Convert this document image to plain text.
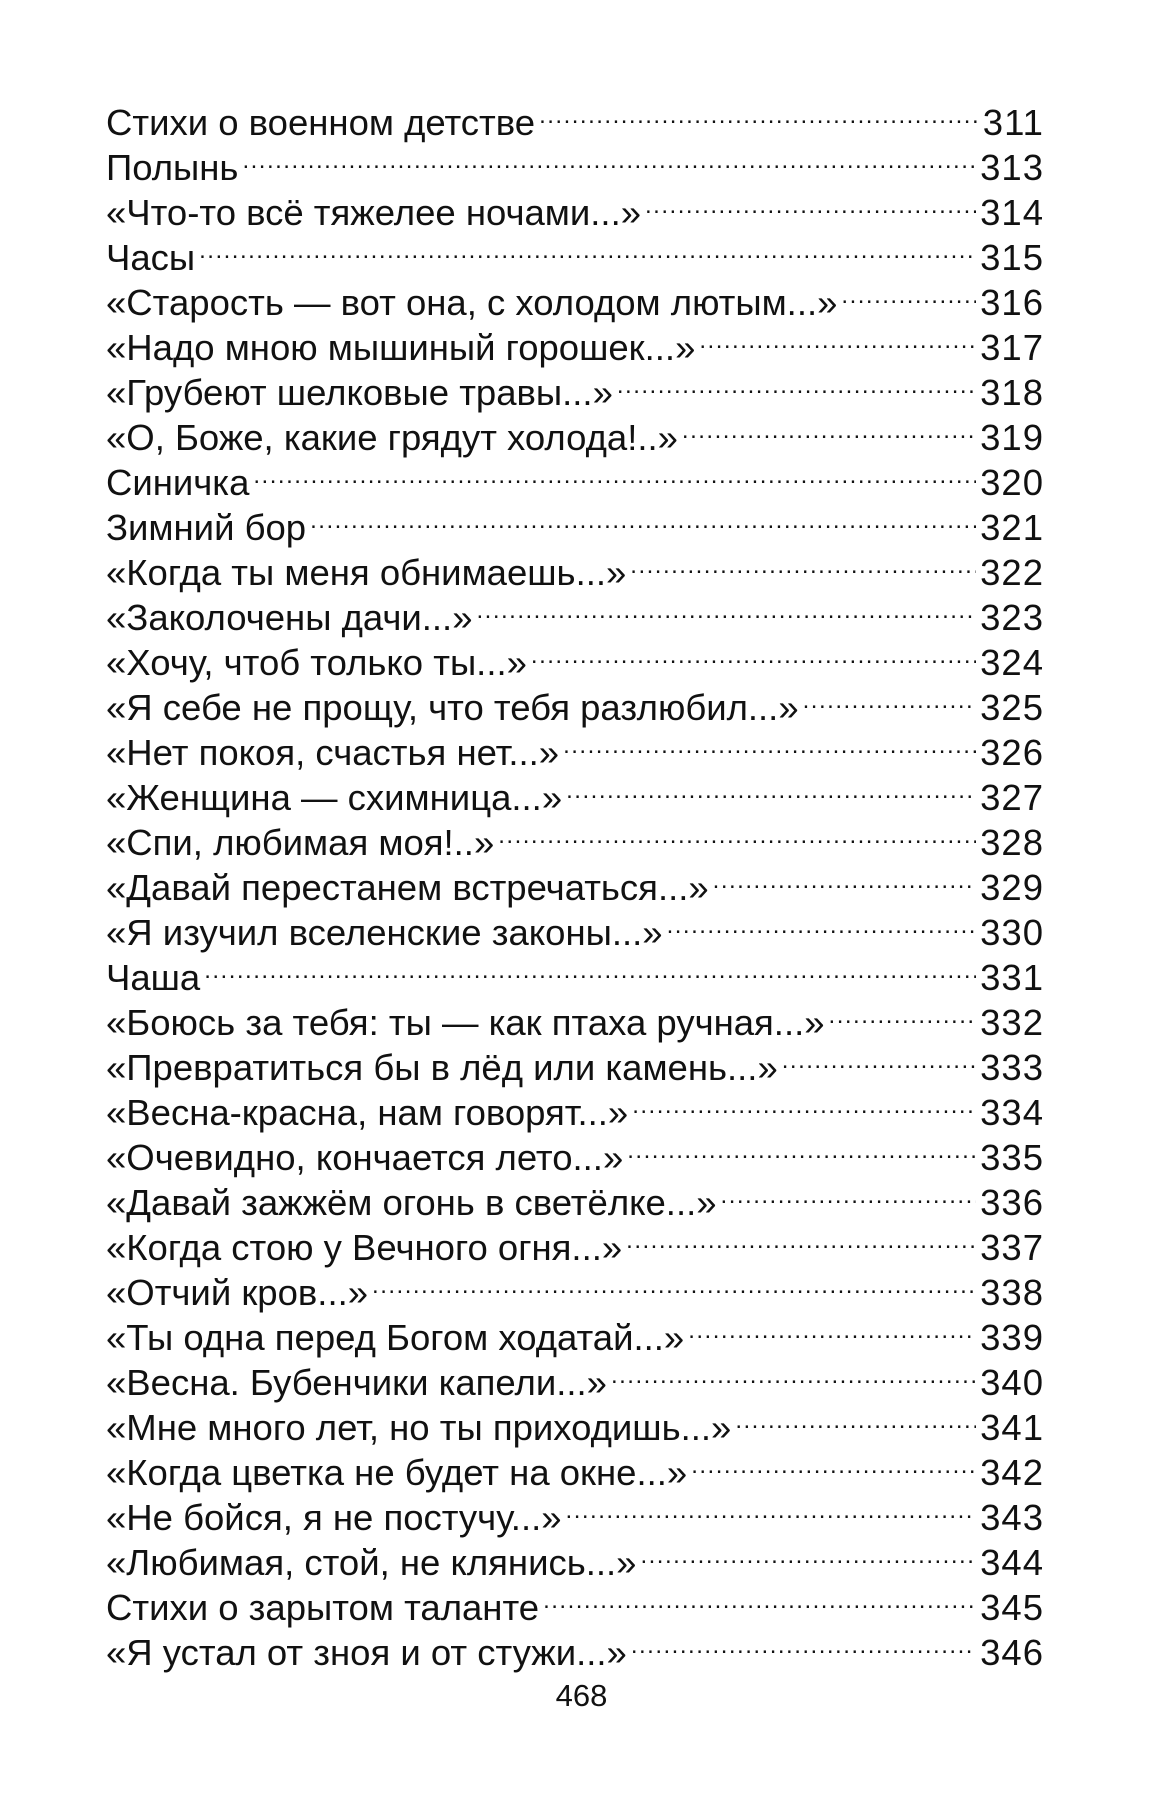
Стихи о военном детстве .....	311
Полынь .....	313
«Что-то всё тяжелее ночами...» .....	314
Часы .....	315
«Старость — вот она, с холодом лютым...» .....	316
«Надо мною мышиный горошек...» .....	317
«Грубеют шелковые травы...» .....	318
«О, Боже, какие грядут холода!..» .....	319
Синичка .....	320
Зимний бор .....	321
«Когда ты меня обнимаешь...» .....	322
«Заколочены дачи...» .....	323
«Хочу, чтоб только ты...» .....	324
«Я себе не прощу, что тебя разлюбил...» .....	325
«Нет покоя, счастья нет...» .....	326
«Женщина — схимница...» .....	327
«Спи, любимая моя!..» .....	328
«Давай перестанем встречаться...» .....	329
«Я изучил вселенские законы...» .....	330
Чаша .....	331
«Боюсь за тебя: ты — как птаха ручная...» .....	332
«Превратиться бы в лёд или камень...» .....	333
«Весна-красна, нам говорят...» .....	334
«Очевидно, кончается лето...» .....	335
«Давай зажжём огонь в светёлке...» .....	336
«Когда стою у Вечного огня...» .....	337
«Отчий кров...» .....	338
«Ты одна перед Богом ходатай...» .....	339
«Весна. Бубенчики капели...» .....	340
«Мне много лет, но ты приходишь...» .....	341
«Когда цветка не будет на окне...» .....	342
«Не бойся, я не постучу...» .....	343
«Любимая, стой, не клянись...» .....	344
Стихи о зарытом таланте .....	345
«Я устал от зноя и от стужи...» .....	346
468
